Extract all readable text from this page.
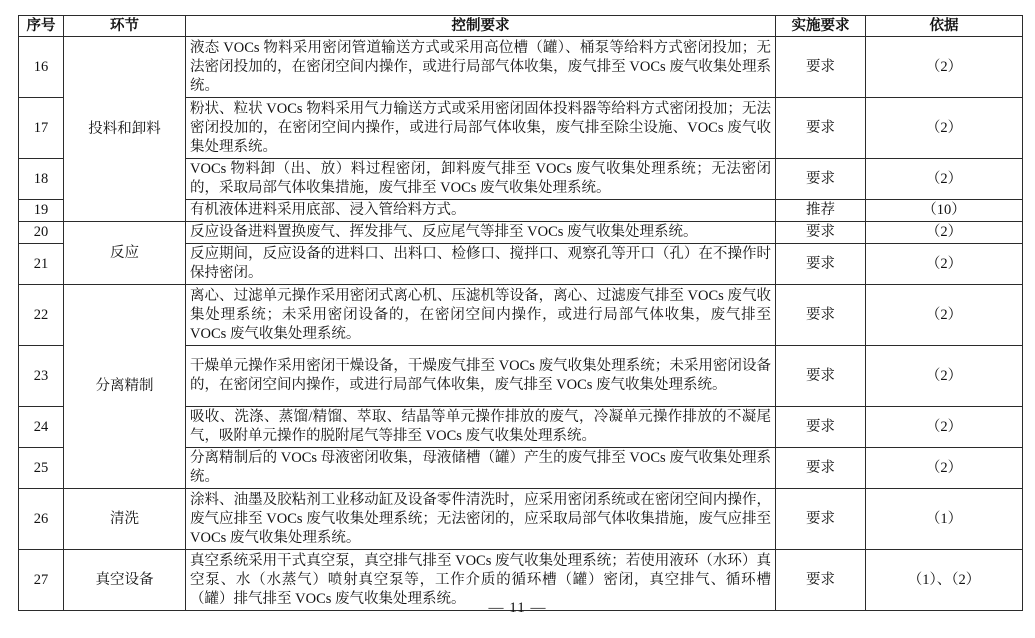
序号	环节	控制要求	实施要求	依据
16	投料和卸料	液态 VOCs 物料采用密闭管道输送方式或采用高位槽（罐）、桶泵等给料方式密闭投加；无法密闭投加的，在密闭空间内操作，或进行局部气体收集，废气排至 VOCs 废气收集处理系统。	要求	（2）
17		粉状、粒状 VOCs 物料采用气力输送方式或采用密闭固体投料器等给料方式密闭投加；无法密闭投加的，在密闭空间内操作，或进行局部气体收集，废气排至除尘设施、VOCs 废气收集处理系统。	要求	（2）
18		VOCs 物料卸（出、放）料过程密闭，卸料废气排至 VOCs 废气收集处理系统；无法密闭的，采取局部气体收集措施，废气排至 VOCs 废气收集处理系统。	要求	（2）
19		有机液体进料采用底部、浸入管给料方式。	推荐	（10）
20	反应	反应设备进料置换废气、挥发排气、反应尾气等排至 VOCs 废气收集处理系统。	要求	（2）
21		反应期间，反应设备的进料口、出料口、检修口、搅拌口、观察孔等开口（孔）在不操作时保持密闭。	要求	（2）
22	分离精制	离心、过滤单元操作采用密闭式离心机、压滤机等设备，离心、过滤废气排至 VOCs 废气收集处理系统；未采用密闭设备的，在密闭空间内操作，或进行局部气体收集，废气排至 VOCs 废气收集处理系统。	要求	（2）
23		干燥单元操作采用密闭干燥设备，干燥废气排至 VOCs 废气收集处理系统；未采用密闭设备的，在密闭空间内操作，或进行局部气体收集，废气排至 VOCs 废气收集处理系统。	要求	（2）
24		吸收、洗涤、蒸馏/精馏、萃取、结晶等单元操作排放的废气，冷凝单元操作排放的不凝尾气，吸附单元操作的脱附尾气等排至 VOCs 废气收集处理系统。	要求	（2）
25		分离精制后的 VOCs 母液密闭收集，母液储槽（罐）产生的废气排至 VOCs 废气收集处理系统。	要求	（2）
26	清洗	涂料、油墨及胶粘剂工业移动缸及设备零件清洗时，应采用密闭系统或在密闭空间内操作，废气应排至 VOCs 废气收集处理系统；无法密闭的，应采取局部气体收集措施，废气应排至 VOCs 废气收集处理系统。	要求	（1）
27	真空设备	真空系统采用干式真空泵，真空排气排至 VOCs 废气收集处理系统；若使用液环（水环）真空泵、水（水蒸气）喷射真空泵等，工作介质的循环槽（罐）密闭，真空排气、循环槽（罐）排气排至 VOCs 废气收集处理系统。	要求	（1）、（2）
— 11 —
